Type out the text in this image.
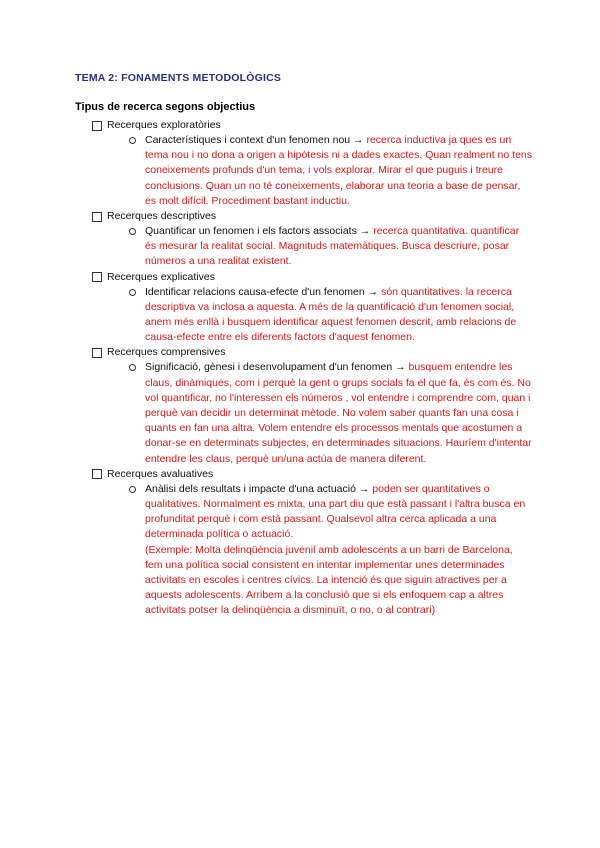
TEMA 2: FONAMENTS METODOLÒGICS
Tipus de recerca segons objectius
Recerques exploratòries
Característiques i context d'un fenomen nou → recerca inductiva ja ques es un tema nou i no dona a origen a hipòtesis ni a dades exactes. Quan realment no tens coneixements profunds d'un tema, i vols explorar. Mirar el que puguis i treure conclusions. Quan un no té coneixements, elaborar una teoria a base de pensar, es molt difícil. Procediment bastant inductiu.
Recerques descriptives
Quantificar un fenomen i els factors associats → recerca quantitativa. quantificar és mesurar la realitat social. Magnituds matemàtiques. Busca descriure, posar números a una realitat existent.
Recerques explicatives
Identificar relacions causa-efecte d'un fenomen → són quantitatives. la recerca descriptiva va inclosa a aquesta. A més de la quantificació d'un fenomen social, anem més enllà i busquem identificar aquest fenomen descrit, amb relacions de causa-efecte entre els diferents factors d'aquest fenomen.
Recerques comprensives
Significació, gènesi i desenvolupament d'un fenomen → busquem entendre les claus, dinàmiques, com i perquè la gent o grups socials fa el que fa, és com és. No vol quantificar, no l'interessen els números , vol entendre i comprendre com, quan i perquè van decidir un determinat mètode. No volem saber quants fan una cosa i quants en fan una altra. Volem entendre els processos mentals que acostumen a donar-se en determinats subjectes, en determinades situacions. Hauríem d'intentar entendre les claus, perquè un/una actúa de manera diferent.
Recerques avaluatives
Anàlisi dels resultats i impacte d'una actuació → poden ser quantitatives o qualitatives. Normalment es mixta, una part diu que està passant i l'altra busca en profunditat perquè i com està passant. Qualsevol altra cerca aplicada a una determinada política o actuació.
(Exemple: Molta delinqüència juvenil amb adolescents a un barri de Barcelona, fem una política social consistent en intentar implementar unes determinades activitats en escoles i centres cívics. La intenció és que siguin atractives per a aquests adolescents. Arribem a la conclusió que si els enfoquem cap a altres activitats potser la delinqüència a disminuït, o no, o al contrari)
